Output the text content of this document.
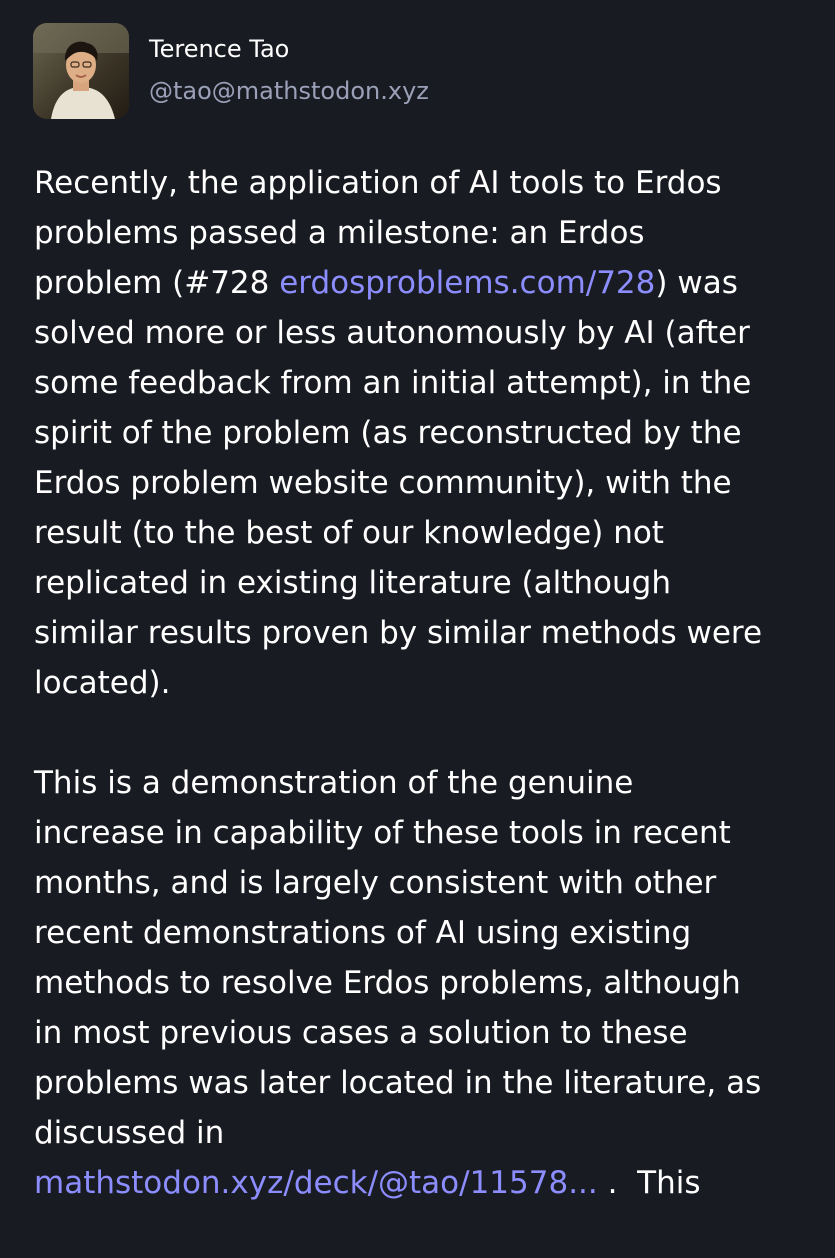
Terence Tao
@tao@mathstodon.xyz

Recently, the application of AI tools to Erdos
problems passed a milestone: an Erdos
problem (#728 erdosproblems.com/728) was
solved more or less autonomously by AI (after
some feedback from an initial attempt), in the
spirit of the problem (as reconstructed by the
Erdos problem website community), with the
result (to the best of our knowledge) not
replicated in existing literature (although
similar results proven by similar methods were
located).

This is a demonstration of the genuine
increase in capability of these tools in recent
months, and is largely consistent with other
recent demonstrations of AI using existing
methods to resolve Erdos problems, although
in most previous cases a solution to these
problems was later located in the literature, as
discussed in
mathstodon.xyz/deck/@tao/11578... .  This
